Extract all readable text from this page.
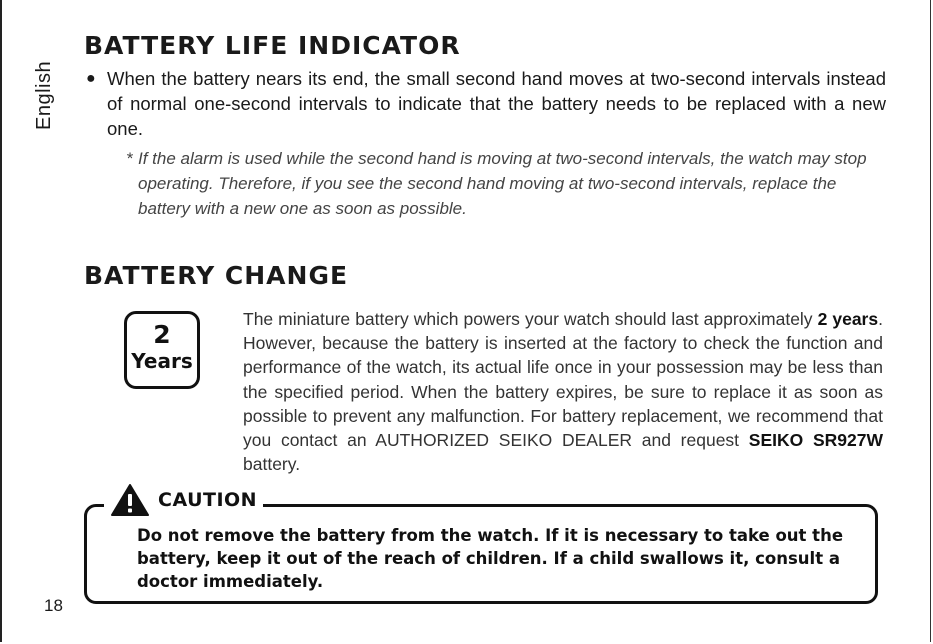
English
BATTERY LIFE INDICATOR
● When the battery nears its end, the small second hand moves at two-second intervals instead of normal one-second intervals to indicate that the battery needs to be replaced with a new one.
* If the alarm is used while the second hand is moving at two-second intervals, the watch may stop operating. Therefore, if you see the second hand moving at two-second intervals, replace the battery with a new one as soon as possible.
BATTERY CHANGE
2
Years
The miniature battery which powers your watch should last approximately 2 years. However, because the battery is inserted at the factory to check the function and performance of the watch, its actual life once in your possession may be less than the specified period. When the battery expires, be sure to replace it as soon as possible to prevent any malfunction. For battery replacement, we recommend that you contact an AUTHORIZED SEIKO DEALER and request SEIKO SR927W battery.
CAUTION
Do not remove the battery from the watch. If it is necessary to take out the battery, keep it out of the reach of children. If a child swallows it, consult a doctor immediately.
18
